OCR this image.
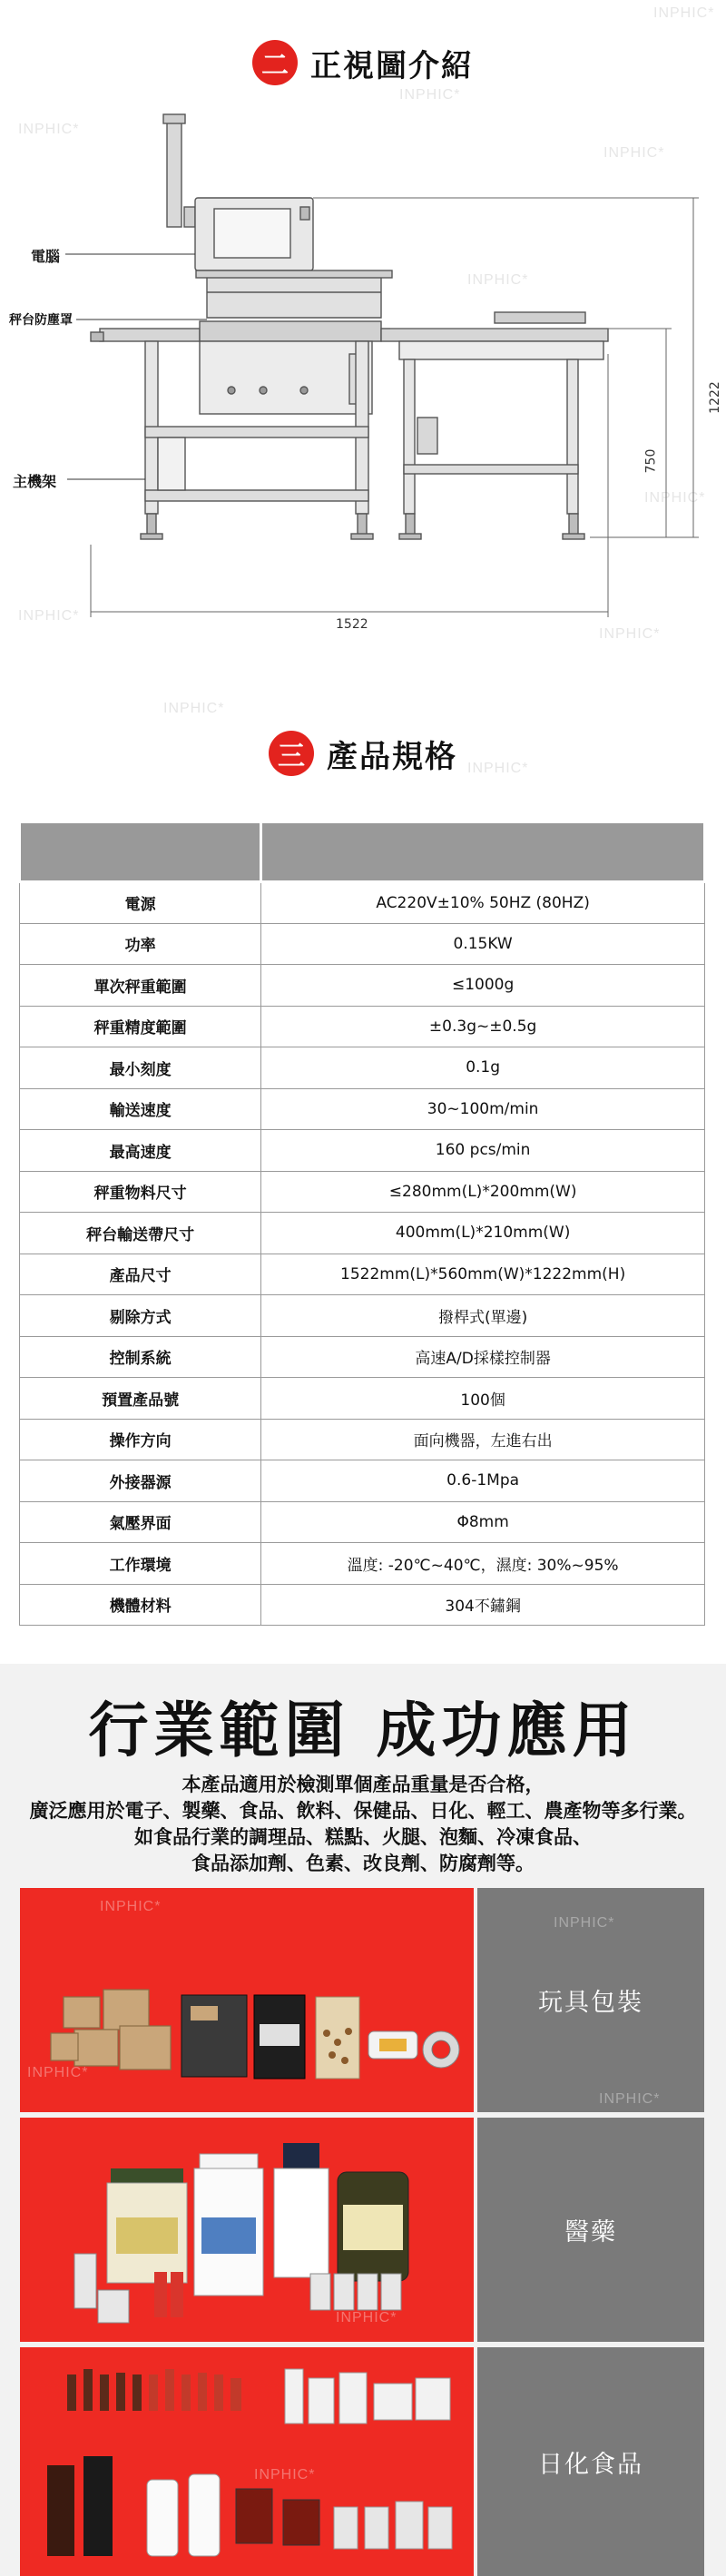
INPHIC*
INPHIC*
INPHIC*
INPHIC*
INPHIC*
INPHIC*
INPHIC*
INPHIC*
INPHIC*
INPHIC*
二 正視圖介紹
電腦
秤台防塵罩
主機架
1522
1222
750
三 產品規格

電源	AC220V±10% 50HZ (80HZ)
功率	0.15KW
單次秤重範圍	≤1000g
秤重精度範圍	±0.3g~±0.5g
最小刻度	0.1g
輸送速度	30~100m/min
最高速度	160 pcs/min
秤重物料尺寸	≤280mm(L)*200mm(W)
秤台輸送帶尺寸	400mm(L)*210mm(W)
產品尺寸	1522mm(L)*560mm(W)*1222mm(H)
剔除方式	撥桿式(單邊)
控制系統	高速A/D採樣控制器
預置產品號	100個
操作方向	面向機器，左進右出
外接器源	0.6-1Mpa
氣壓界面	Φ8mm
工作環境	溫度: -20℃~40℃，濕度: 30%~95%
機體材料	304不鏽鋼
行業範圍 成功應用
本產品適用於檢測單個產品重量是否合格，
廣泛應用於電子、製藥、食品、飲料、保健品、日化、輕工、農產物等多行業。
如食品行業的調理品、糕點、火腿、泡麵、冷凍食品、
食品添加劑、色素、改良劑、防腐劑等。
玩具包裝
醫藥
日化食品
INPHIC*
INPHIC*
INPHIC*
INPHIC*
INPHIC*
INPHIC*
